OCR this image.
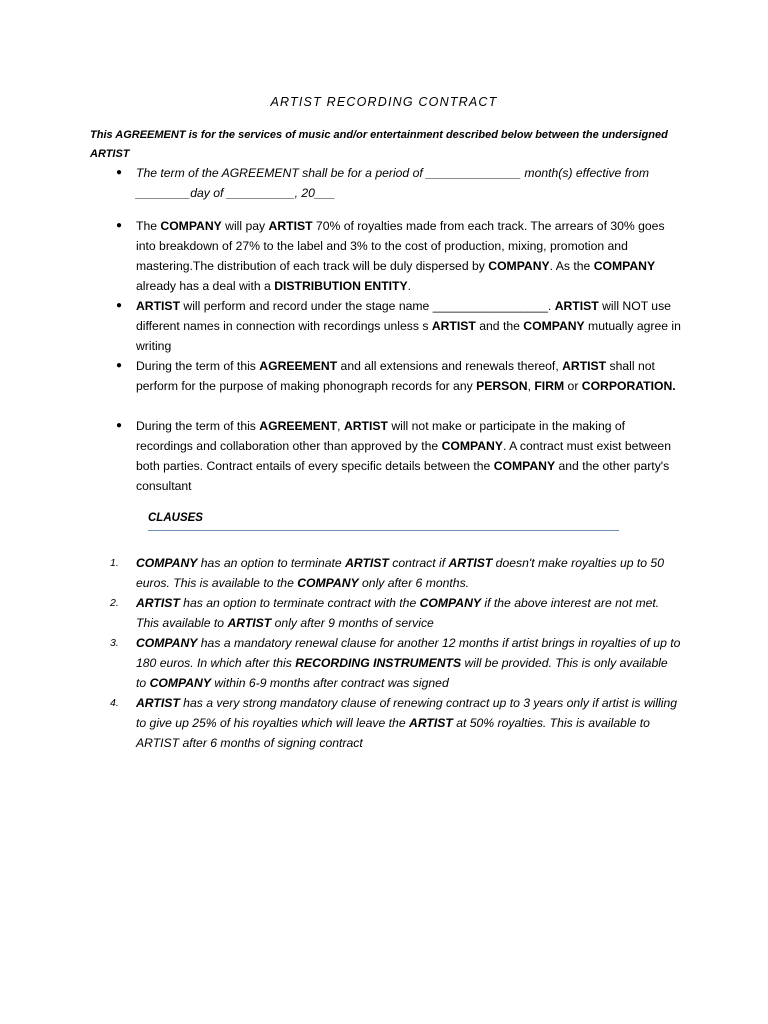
ARTIST RECORDING CONTRACT
This AGREEMENT is for the services of music and/or entertainment described below between the undersigned ARTIST
● The term of the AGREEMENT shall be for a period of ______________ month(s) effective from ________day of __________, 20___
● The COMPANY will pay ARTIST 70% of royalties made from each track. The arrears of 30% goes into breakdown of 27% to the label and 3% to the cost of production, mixing, promotion and mastering.The distribution of each track will be duly dispersed by COMPANY. As the COMPANY already has a deal with a DISTRIBUTION ENTITY.
● ARTIST will perform and record under the stage name _________________. ARTIST will NOT use different names in connection with recordings unless s ARTIST and the COMPANY mutually agree in writing
● During the term of this AGREEMENT and all extensions and renewals thereof, ARTIST shall not perform for the purpose of making phonograph records for any PERSON, FIRM or CORPORATION.
● During the term of this AGREEMENT, ARTIST will not make or participate in the making of recordings and collaboration other than approved by the COMPANY. A contract must exist between both parties. Contract entails of every specific details between the COMPANY and the other party's consultant
CLAUSES
1.	COMPANY has an option to terminate ARTIST contract if ARTIST doesn't make royalties up to 50 euros. This is available to the COMPANY only after 6 months.
2.	ARTIST has an option to terminate contract with the COMPANY if the above interest are not met. This available to ARTIST only after 9 months of service
3.	COMPANY has a mandatory renewal clause for another 12 months if artist brings in royalties of up to 180 euros. In which after this RECORDING INSTRUMENTS will be provided. This is only available to COMPANY within 6-9 months after contract was signed
4.	ARTIST has a very strong mandatory clause of renewing contract up to 3 years only if artist is willing to give up 25% of his royalties which will leave the ARTIST at 50% royalties. This is available to ARTIST after 6 months of signing contract
